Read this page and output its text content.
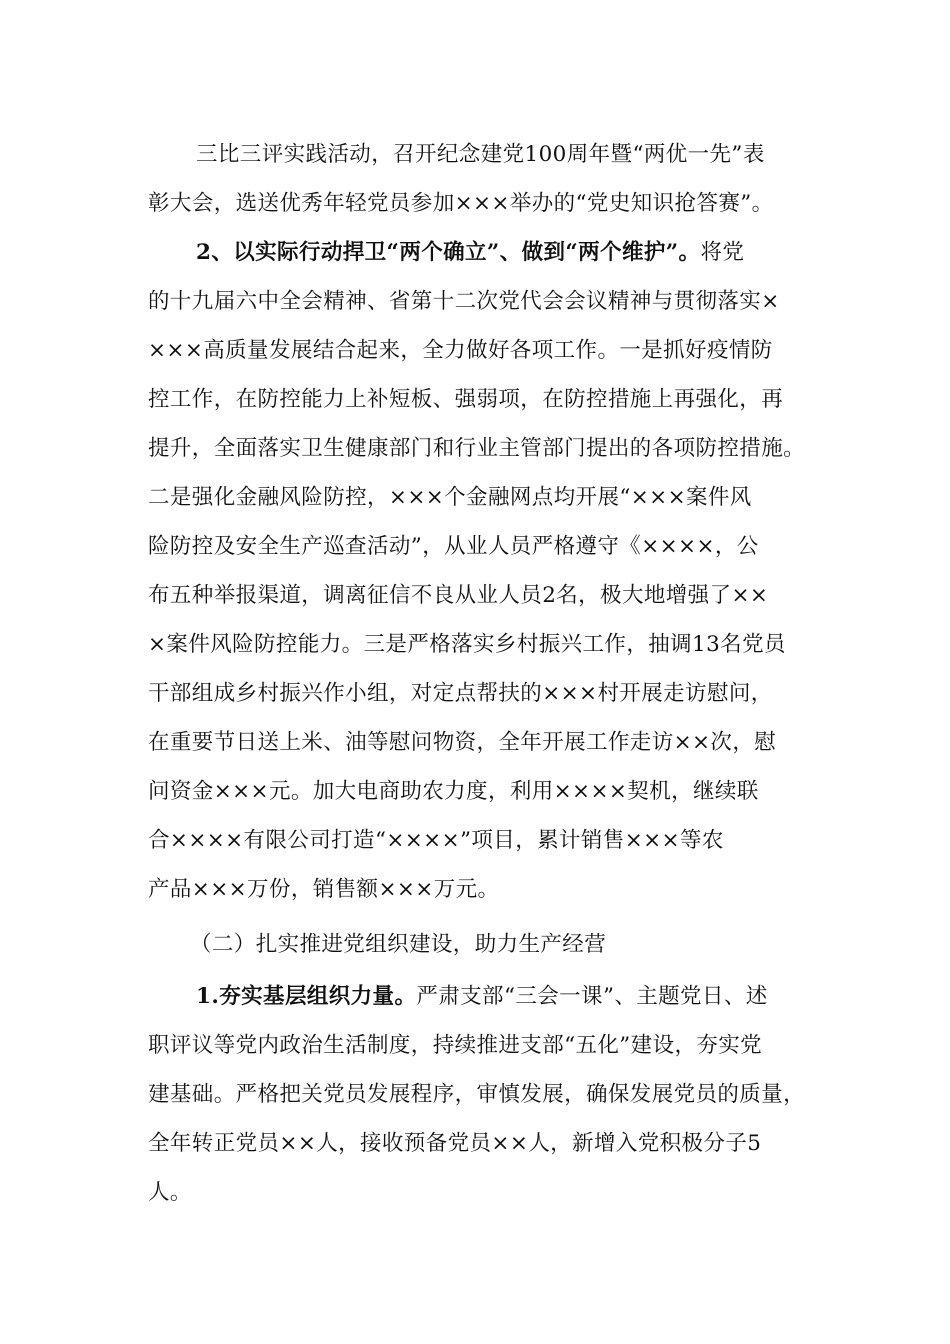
三比三评实践活动，召开纪念建党100周年暨“两优一先”表
彰大会，选送优秀年轻党员参加×××举办的“党史知识抢答赛”。
2、以实际行动捍卫“两个确立”、做到“两个维护”。将党
的十九届六中全会精神、省第十二次党代会会议精神与贯彻落实×
×××高质量发展结合起来，全力做好各项工作。一是抓好疫情防
控工作，在防控能力上补短板、强弱项，在防控措施上再强化，再
提升，全面落实卫生健康部门和行业主管部门提出的各项防控措施。
二是强化金融风险防控，×××个金融网点均开展“×××案件风
险防控及安全生产巡查活动”，从业人员严格遵守《××××，公
布五种举报渠道，调离征信不良从业人员2名，极大地增强了××
×案件风险防控能力。三是严格落实乡村振兴工作，抽调13名党员
干部组成乡村振兴作小组，对定点帮扶的×××村开展走访慰问，
在重要节日送上米、油等慰问物资，全年开展工作走访××次，慰
问资金×××元。加大电商助农力度，利用××××契机，继续联
合××××有限公司打造“××××”项目，累计销售×××等农
产品×××万份，销售额×××万元。
（二）扎实推进党组织建设，助力生产经营
1.夯实基层组织力量。严肃支部“三会一课”、主题党日、述
职评议等党内政治生活制度，持续推进支部“五化”建设，夯实党
建基础。严格把关党员发展程序，审慎发展，确保发展党员的质量，
全年转正党员××人，接收预备党员××人，新增入党积极分子5
人。
